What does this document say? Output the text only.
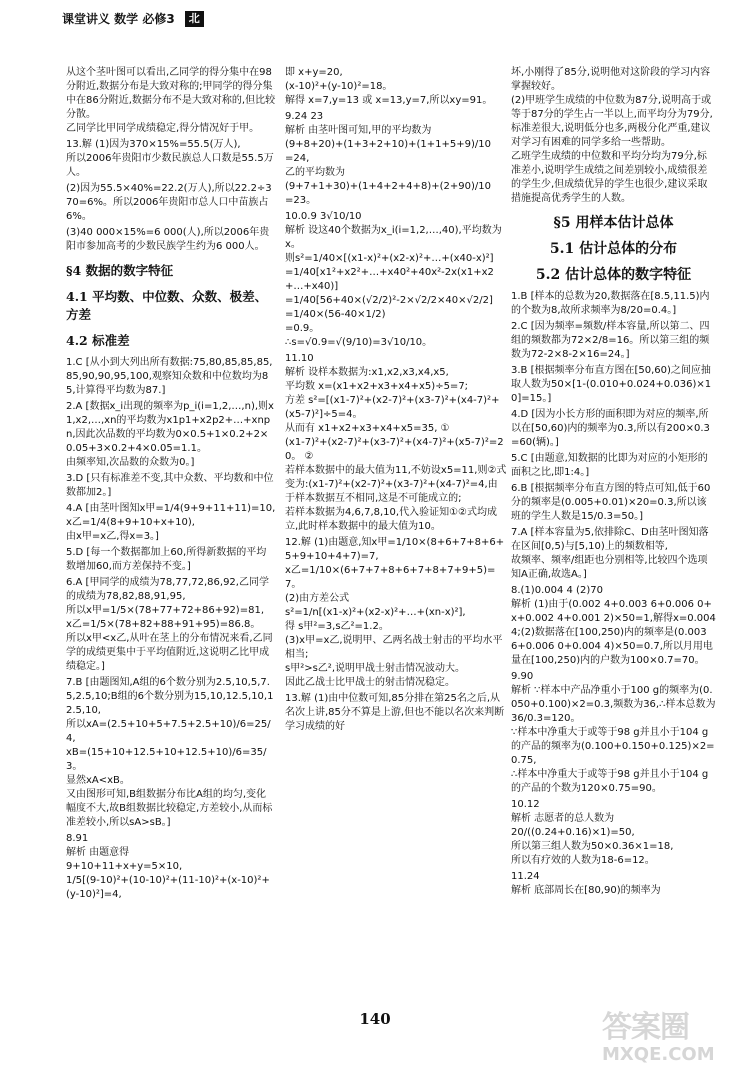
课堂讲义 数学 必修3	北

从这个茎叶图可以看出,乙同学的得分集中在98分附近,数据分布是大致对称的;甲同学的得分集中在86分附近,数据分布不是大致对称的,但比较分散。
乙同学比甲同学成绩稳定,得分情况好于甲。

13.解 (1)因为370×15%=55.5(万人),
所以2006年贵阳市少数民族总人口数是55.5万人。

(2)因为55.5×40%=22.2(万人),所以22.2÷370=6%。所以2006年贵阳市总人口中苗族占6%。

(3)40 000×15%=6 000(人),所以2006年贵阳市参加高考的少数民族学生约为6 000人。

§4 数据的数字特征
4.1 平均数、中位数、众数、极差、方差
4.2 标准差

1.C [从小到大列出所有数据:75,80,85,85,85,85,90,90,95,100,观察知众数和中位数均为85,计算得平均数为87.]

2.A [数据x_i出现的频率为p_i(i=1,2,…,n),则x1,x2,…,xn的平均数为x1p1+x2p2+…+xnpn,因此次品数的平均数为0×0.5+1×0.2+2×0.05+3×0.2+4×0.05=1.1。
由频率知,次品数的众数为0。]

3.D [只有标准差不变,其中众数、平均数和中位数都加2。]

4.A [由茎叶图知x甲=1/4(9+9+11+11)=10,x乙=1/4(8+9+10+x+10),
由x甲=x乙,得x=3。]

5.D [每一个数据都加上60,所得新数据的平均数增加60,而方差保持不变。]

6.A [甲同学的成绩为78,77,72,86,92,乙同学的成绩为78,82,88,91,95,
所以x甲=1/5×(78+77+72+86+92)=81,
x乙=1/5×(78+82+88+91+95)=86.8。
所以x甲<x乙,从叶在茎上的分布情况来看,乙同学的成绩更集中于平均值附近,这说明乙比甲成绩稳定。]

7.B [由题图知,A组的6个数分别为2.5,10,5,7.5,2.5,10;B组的6个数分别为15,10,12.5,10,12.5,10,
所以xA=(2.5+10+5+7.5+2.5+10)/6=25/4,
xB=(15+10+12.5+10+12.5+10)/6=35/3。
显然xA<xB。
又由图形可知,B组数据分布比A组的均匀,变化幅度不大,故B组数据比较稳定,方差较小,从而标准差较小,所以sA>sB。]

8.91
解析 由题意得
9+10+11+x+y=5×10,
1/5[(9-10)²+(10-10)²+(11-10)²+(x-10)²+(y-10)²]=4,

即 x+y=20,
(x-10)²+(y-10)²=18。
解得 x=7,y=13 或 x=13,y=7,所以xy=91。

9.24 23
解析 由茎叶图可知,甲的平均数为
(9+8+20)+(1+3+2+10)+(1+1+5+9)/10
=24,
乙的平均数为
(9+7+1+30)+(1+4+2+4+8)+(2+90)/10
=23。

10.0.9 3√10/10
解析 设这40个数据为x_i(i=1,2,…,40),平均数为x。
则s²=1/40×[(x1-x)²+(x2-x)²+…+(x40-x)²]
=1/40[x1²+x2²+…+x40²+40x²-2x(x1+x2+…+x40)]
=1/40[56+40×(√2/2)²-2×√2/2×40×√2/2]
=1/40×(56-40×1/2)
=0.9。
∴s=√0.9=√(9/10)=3√10/10。

11.10
解析 设样本数据为:x1,x2,x3,x4,x5,
平均数 x=(x1+x2+x3+x4+x5)÷5=7;
方差 s²=[(x1-7)²+(x2-7)²+(x3-7)²+(x4-7)²+(x5-7)²]÷5=4。
从而有 x1+x2+x3+x4+x5=35, ①
(x1-7)²+(x2-7)²+(x3-7)²+(x4-7)²+(x5-7)²=20。 ②
若样本数据中的最大值为11,不妨设x5=11,则②式变为:(x1-7)²+(x2-7)²+(x3-7)²+(x4-7)²=4,由于样本数据互不相同,这是不可能成立的;
若样本数据为4,6,7,8,10,代入验证知①②式均成立,此时样本数据中的最大值为10。

12.解 (1)由题意,知x甲=1/10×(8+6+7+8+6+5+9+10+4+7)=7,
x乙=1/10×(6+7+7+8+6+7+8+7+9+5)=7。
(2)由方差公式
s²=1/n[(x1-x)²+(x2-x)²+…+(xn-x)²],
得 s甲²=3,s乙²=1.2。
(3)x甲=x乙,说明甲、乙两名战士射击的平均水平相当;
s甲²>s乙²,说明甲战士射击情况波动大。
因此乙战士比甲战士的射击情况稳定。

13.解 (1)由中位数可知,85分排在第25名之后,从名次上讲,85分不算是上游,但也不能以名次来判断学习成绩的好

坏,小刚得了85分,说明他对这阶段的学习内容掌握较好。
(2)甲班学生成绩的中位数为87分,说明高于或等于87分的学生占一半以上,而平均分为79分,标准差很大,说明低分也多,两极分化严重,建议对学习有困难的同学多给一些帮助。
乙班学生成绩的中位数和平均分均为79分,标准差小,说明学生成绩之间差别较小,成绩很差的学生少,但成绩优异的学生也很少,建议采取措施提高优秀学生的人数。

§5 用样本估计总体
5.1 估计总体的分布
5.2 估计总体的数字特征

1.B [样本的总数为20,数据落在[8.5,11.5)内的个数为8,故所求频率为8/20=0.4。]

2.C [因为频率=频数/样本容量,所以第二、四组的频数都为72×2/8=16。所以第三组的频数为72-2×8-2×16=24。]

3.B [根据频率分布直方图在[50,60)之间应抽取人数为50×[1-(0.010+0.024+0.036)×10]=15。]

4.D [因为小长方形的面积即为对应的频率,所以在[50,60)内的频率为0.3,所以有200×0.3=60(辆)。]

5.C [由题意,知数据的比即为对应的小矩形的面积之比,即1:4。]

6.B [根据频率分布直方图的特点可知,低于60分的频率是(0.005+0.01)×20=0.3,所以该班的学生人数是15/0.3=50。]

7.A [样本容量为5,依排除C、D由茎叶图知落在区间[0,5)与[5,10)上的频数相等,
故频率、频率/组距也分别相等,比较四个选项知A正确,故选A。]

8.(1)0.004 4 (2)70
解析 (1)由于(0.002 4+0.003 6+0.006 0+x+0.002 4+0.001 2)×50=1,解得x=0.004 4;(2)数据落在[100,250)内的频率是(0.003 6+0.006 0+0.004 4)×50=0.7,所以月用电量在[100,250)内的户数为100×0.7=70。

9.90
解析 ∵样本中产品净重小于100 g的频率为(0.050+0.100)×2=0.3,频数为36,∴样本总数为36/0.3=120。
∵样本中净重大于或等于98 g并且小于104 g的产品的频率为(0.100+0.150+0.125)×2=0.75,
∴样本中净重大于或等于98 g并且小于104 g的产品的个数为120×0.75=90。

10.12
解析 志愿者的总人数为
20/((0.24+0.16)×1)=50,
所以第三组人数为50×0.36×1=18,
所以有疗效的人数为18-6=12。

11.24
解析 底部周长在[80,90)的频率为

140	答案圈
MXQE.COM
